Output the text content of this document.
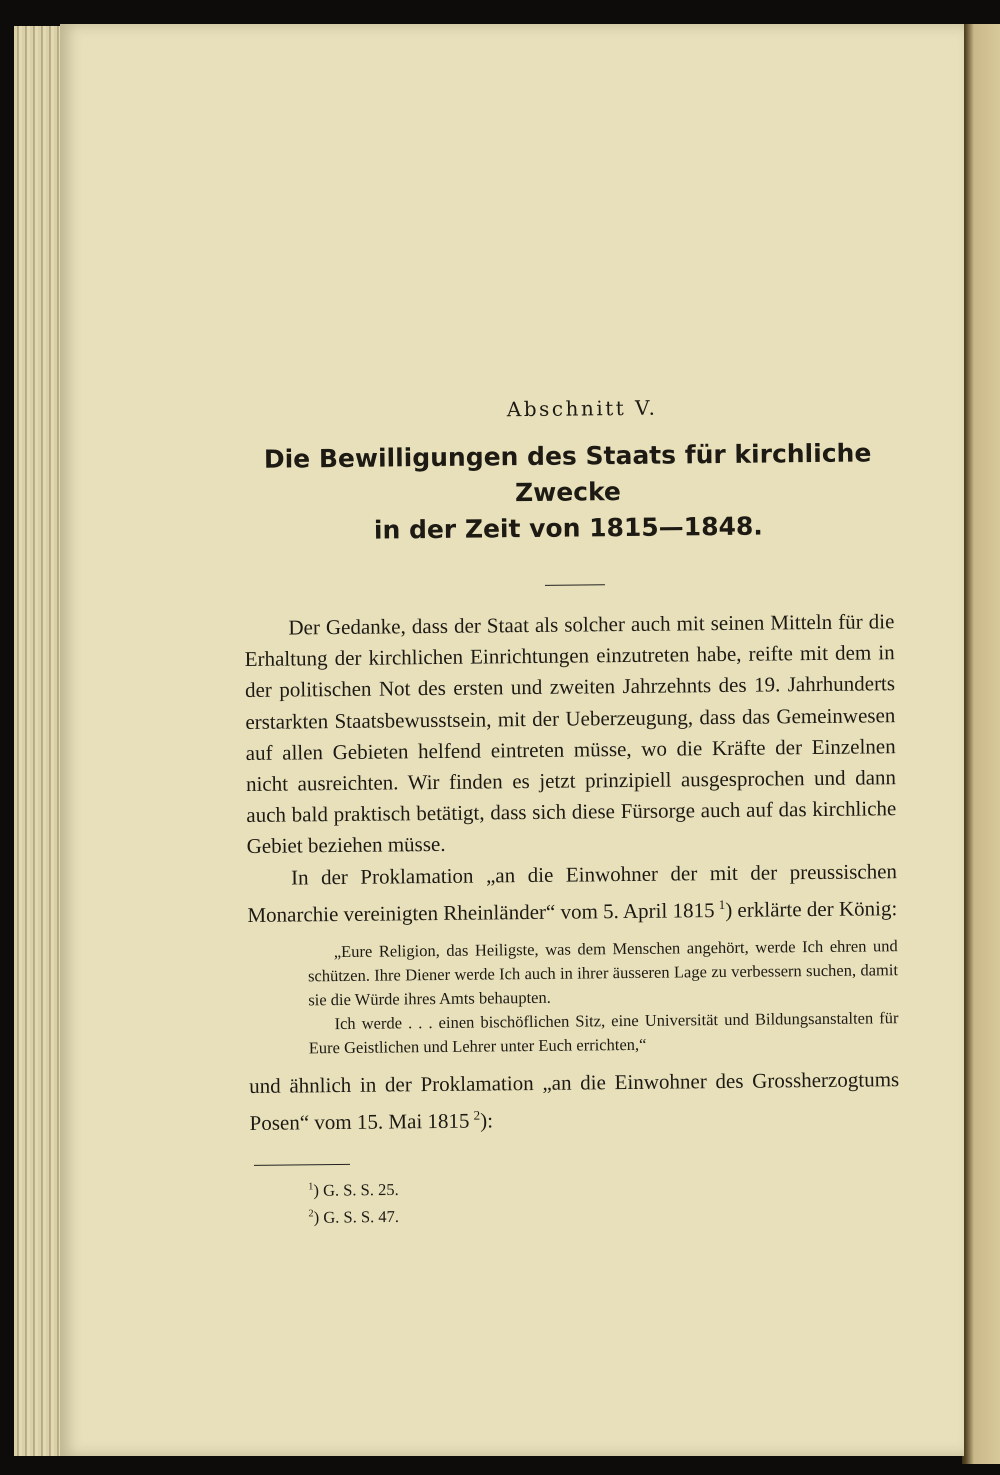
Abschnitt V.
Die Bewilligungen des Staats für kirchliche Zwecke
in der Zeit von 1815—1848.

Der Gedanke, dass der Staat als solcher auch mit seinen Mitteln für die Erhaltung der kirchlichen Einrichtungen einzutreten habe, reifte mit dem in der politischen Not des ersten und zweiten Jahrzehnts des 19. Jahrhunderts erstarkten Staatsbewusstsein, mit der Ueberzeugung, dass das Gemeinwesen auf allen Gebieten helfend eintreten müsse, wo die Kräfte der Einzelnen nicht ausreichten. Wir finden es jetzt prinzipiell ausgesprochen und dann auch bald praktisch betätigt, dass sich diese Fürsorge auch auf das kirchliche Gebiet beziehen müsse.

In der Proklamation „an die Einwohner der mit der preussischen Monarchie vereinigten Rheinländer“ vom 5. April 1815  $^1$) erklärte der König:

„Eure Religion, das Heiligste, was dem Menschen angehört, werde Ich ehren und schützen. Ihre Diener werde Ich auch in ihrer äusseren Lage zu verbessern suchen, damit sie die Würde ihres Amts behaupten.

Ich werde . . . einen bischöflichen Sitz, eine Universität und Bildungsanstalten für Eure Geistlichen und Lehrer unter Euch errichten,“

und ähnlich in der Proklamation „an die Einwohner des Grossherzogtums Posen“ vom 15. Mai 1815  $^2$):

$^1$) G. S. S. 25.
$^2$) G. S. S. 47.
